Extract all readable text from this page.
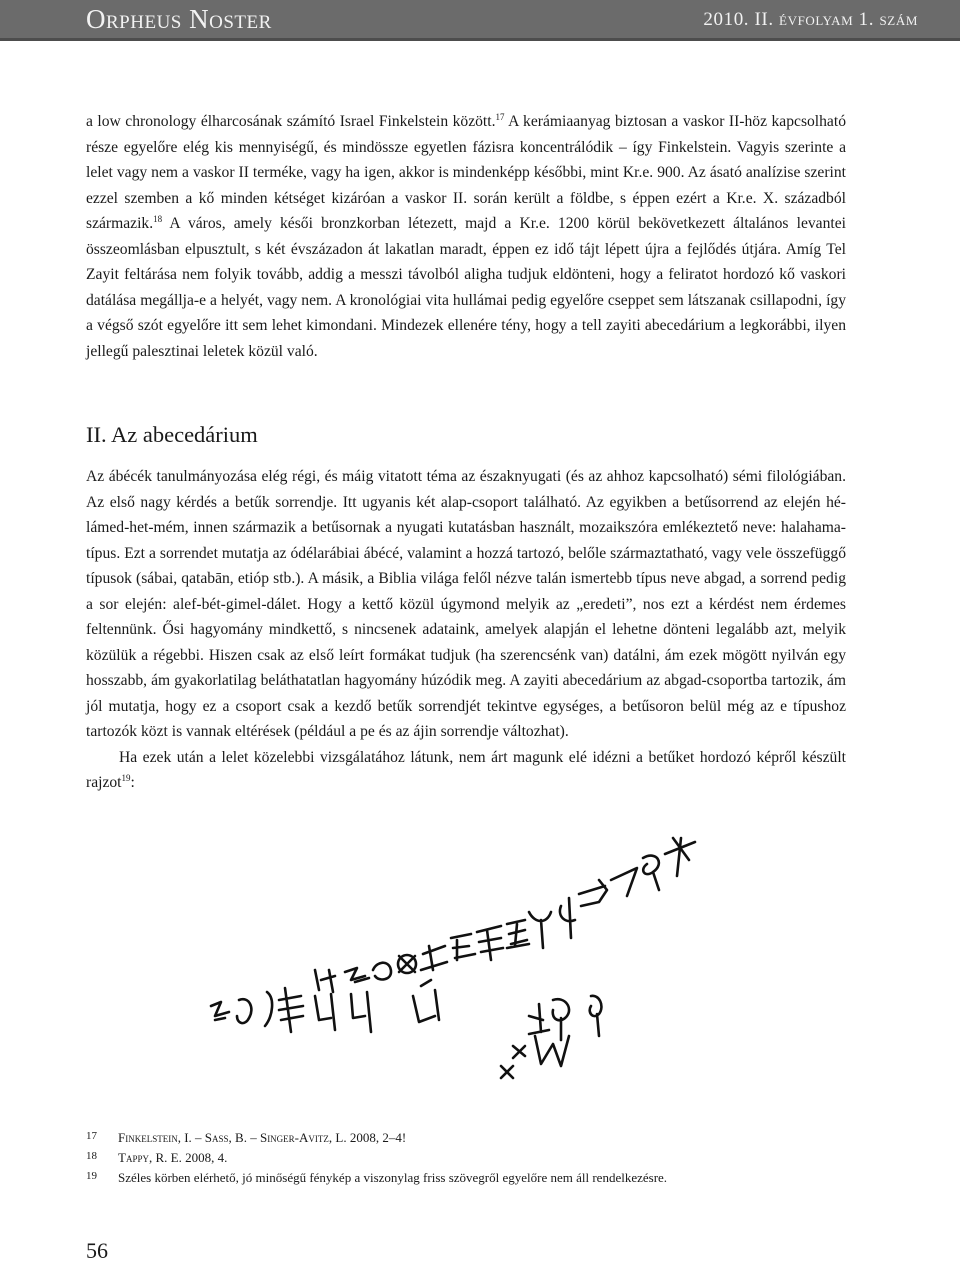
Orpheus Noster	2010. II. évfolyam 1. szám

a low chronology élharcosának számító Israel Finkelstein között.$^{17}$ A kerámiaanyag biztosan a vaskor II-höz kapcsolható része egyelőre elég kis mennyiségű, és mindössze egyetlen fázisra koncentrálódik – így Finkelstein. Vagyis szerinte a lelet vagy nem a vaskor II terméke, vagy ha igen, akkor is mindenképp későbbi, mint Kr.e. 900. Az ásató analízise szerint ezzel szemben a kő minden kétséget kizáróan a vaskor II. során került a földbe, s éppen ezért a Kr.e. X. századból származik.$^{18}$ A város, amely késői bronzkorban létezett, majd a Kr.e. 1200 körül bekövetkezett általános levantei összeomlásban elpusztult, s két évszázadon át lakatlan maradt, éppen ez idő tájt lépett újra a fejlődés útjára. Amíg Tel Zayit feltárása nem folyik tovább, addig a messzi távolból aligha tudjuk eldönteni, hogy a feliratot hordozó kő vaskori datálása megállja-e a helyét, vagy nem. A kronológiai vita hullámai pedig egyelőre cseppet sem látszanak csillapodni, így a végső szót egyelőre itt sem lehet kimondani. Mindezek ellenére tény, hogy a tell zayiti abecedárium a legkorábbi, ilyen jellegű palesztinai leletek közül való.

II. Az abecedárium

Az ábécék tanulmányozása elég régi, és máig vitatott téma az északnyugati (és az ahhoz kapcsolható) sémi filológiában. Az első nagy kérdés a betűk sorrendje. Itt ugyanis két alap-csoport található. Az egyikben a betűsorrend az elején hé-lámed-het-mém, innen származik a betűsornak a nyugati kutatásban használt, mozaikszóra emlékeztető neve: halahama-típus. Ezt a sorrendet mutatja az ódélarábiai ábécé, valamint a hozzá tartozó, belőle származtatható, vagy vele összefüggő típusok (sábai, qatabān, etióp stb.). A másik, a Biblia világa felől nézve talán ismertebb típus neve abgad, a sorrend pedig a sor elején: alef-bét-gimel-dálet. Hogy a kettő közül úgymond melyik az „eredeti”, nos ezt a kérdést nem érdemes feltennünk. Ősi hagyomány mindkettő, s nincsenek adataink, amelyek alapján el lehetne dönteni legalább azt, melyik közülük a régebbi. Hiszen csak az első leírt formákat tudjuk (ha szerencsénk van) datálni, ám ezek mögött nyilván egy hosszabb, ám gyakorlatilag beláthatatlan hagyomány húzódik meg. A zayiti abecedárium az abgad-csoportba tartozik, ám jól mutatja, hogy ez a csoport csak a kezdő betűk sorrendjét tekintve egységes, a betűsoron belül még az e típushoz tartozók közt is vannak eltérések (például a pe és az ájin sorrendje változhat).

Ha ezek után a lelet közelebbi vizsgálatához látunk, nem árt magunk elé idézni a betűket hordozó képről készült rajzot$^{19}$:

17 Finkelstein, I. – Sass, B. – Singer-Avitz, L. 2008, 2–4!
18 Tappy, R. E. 2008, 4.
19 Széles körben elérhető, jó minőségű fénykép a viszonylag friss szövegről egyelőre nem áll rendelkezésre.
56
